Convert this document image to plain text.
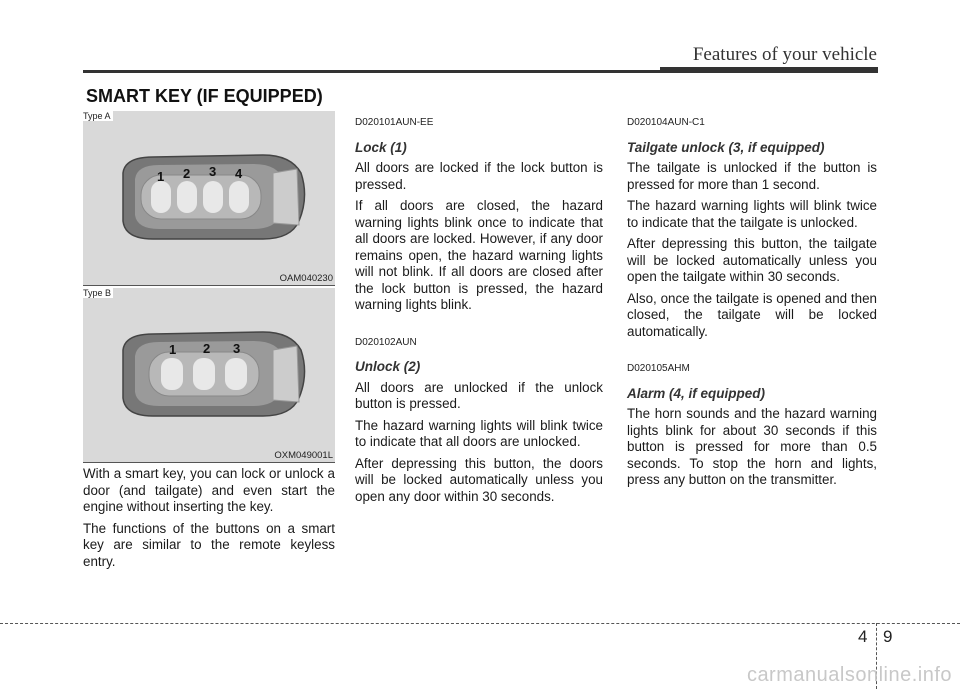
Features of your vehicle
SMART KEY (IF EQUIPPED)
Type A
1 2 3 4
OAM040230
Type B
1 2 3
OXM049001L

With a smart key, you can lock or unlock a door (and tailgate) and even start the engine without inserting the key.

The functions of the buttons on a smart key are similar to the remote keyless entry.

D020101AUN-EE

Lock (1)

All doors are locked if the lock button is pressed.

If all doors are closed, the hazard warning lights blink once to indicate that all doors are locked. However, if any door remains open, the hazard warning lights will not blink. If all doors are closed after the lock button is pressed, the hazard warning lights blink.

D020102AUN

Unlock (2)

All doors are unlocked if the unlock button is pressed.

The hazard warning lights will blink twice to indicate that all doors are unlocked.

After depressing this button, the doors will be locked automatically unless you open any door within 30 seconds.

D020104AUN-C1

Tailgate unlock (3, if equipped)

The tailgate is unlocked if the button is pressed for more than 1 second.

The hazard warning lights will blink twice to indicate that the tailgate is unlocked.

After depressing this button, the tailgate will be locked automatically unless you open the tailgate within 30 seconds.

Also, once the tailgate is opened and then closed, the tailgate will be locked automatically.

D020105AHM

Alarm (4, if equipped)

The horn sounds and the hazard warning lights blink for about 30 seconds if this button is pressed for more than 0.5 seconds. To stop the horn and lights, press any button on the transmitter.

4 9
carmanualsonline.info
